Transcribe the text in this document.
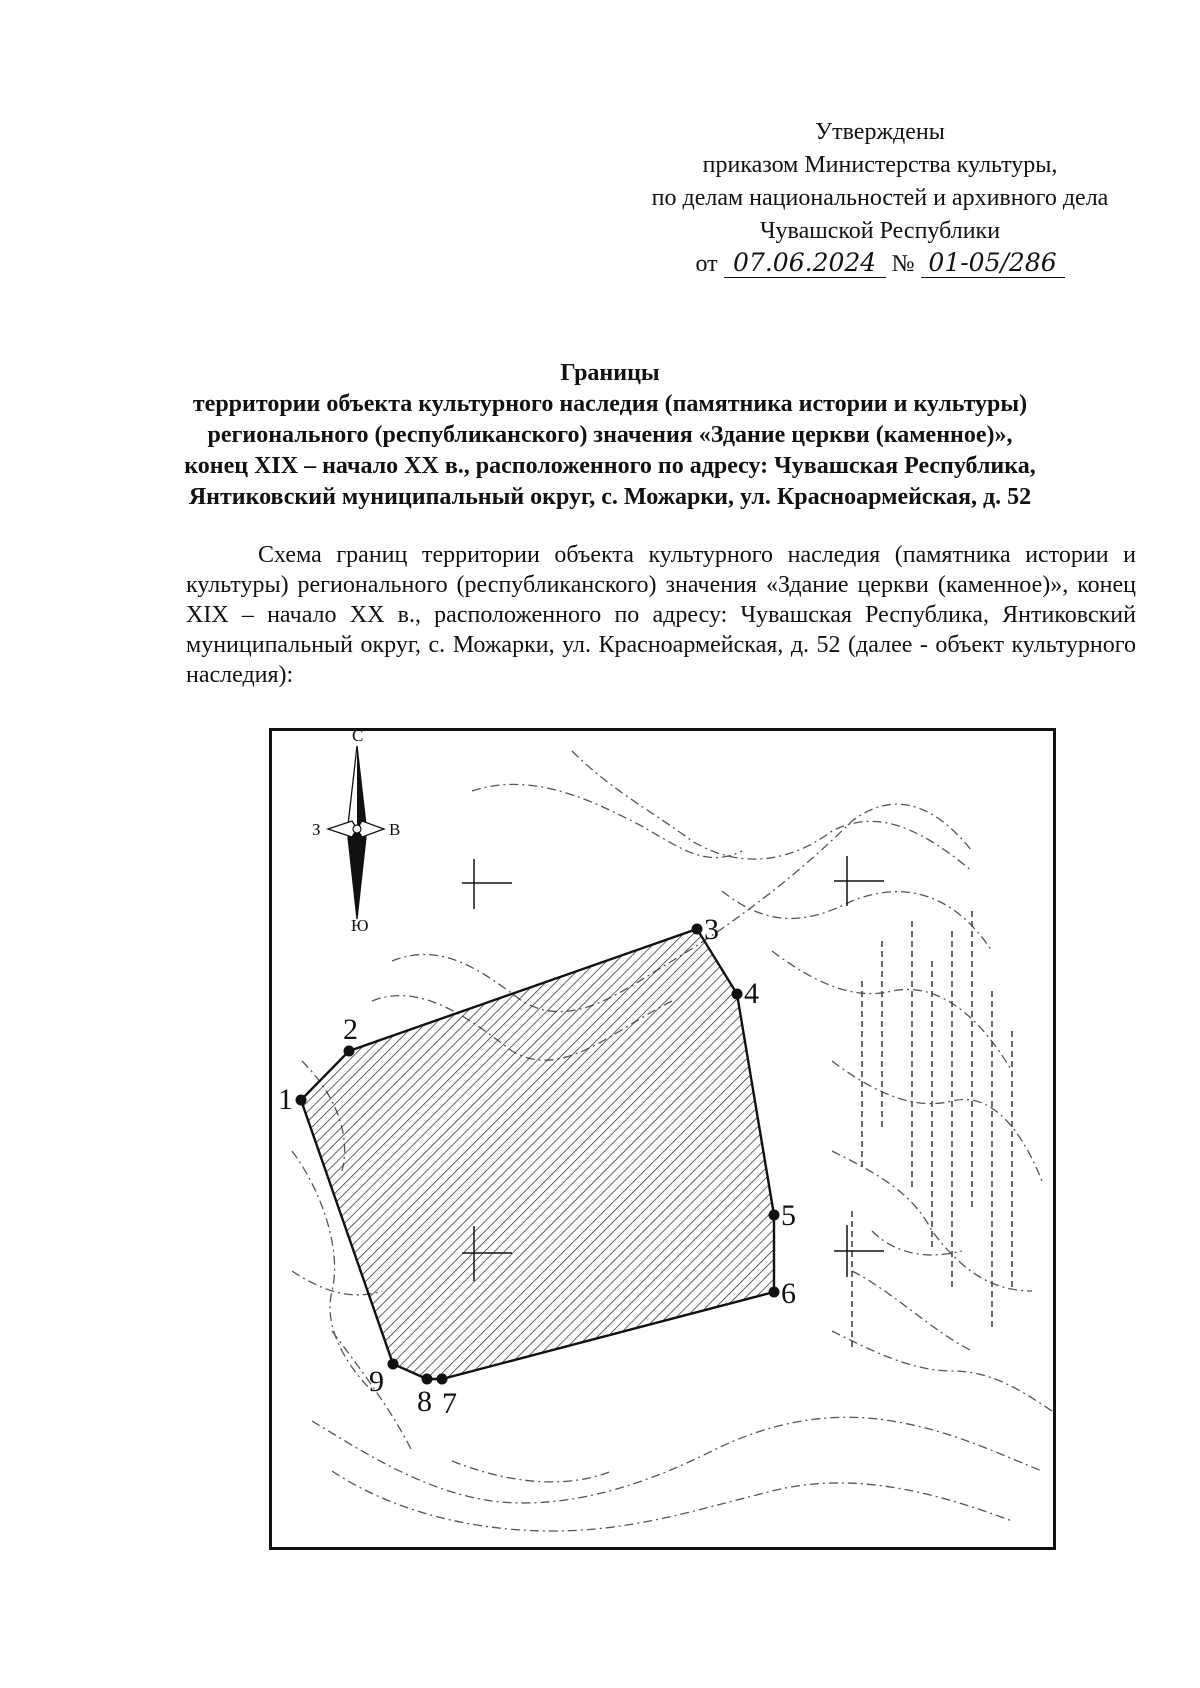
Утверждены
приказом Министерства культуры,
по делам национальностей и архивного дела
Чувашской Республики
от 07.06.2024 № 01-05/286
Границы
территории объекта культурного наследия (памятника истории и культуры)
регионального (республиканского) значения «Здание церкви (каменное)»,
конец XIX – начало XX в., расположенного по адресу: Чувашская Республика,
Янтиковский муниципальный округ, с. Можарки, ул. Красноармейская, д. 52
Схема границ территории объекта культурного наследия (памятника истории и культуры) регионального (республиканского) значения «Здание церкви (каменное)», конец XIX – начало XX в., расположенного по адресу: Чувашская Республика, Янтиковский муниципальный округ, с. Можарки, ул. Красноармейская, д. 52 (далее - объект культурного наследия):
1
2
3
4
5
6
7
8
9
С
Ю
З	В
